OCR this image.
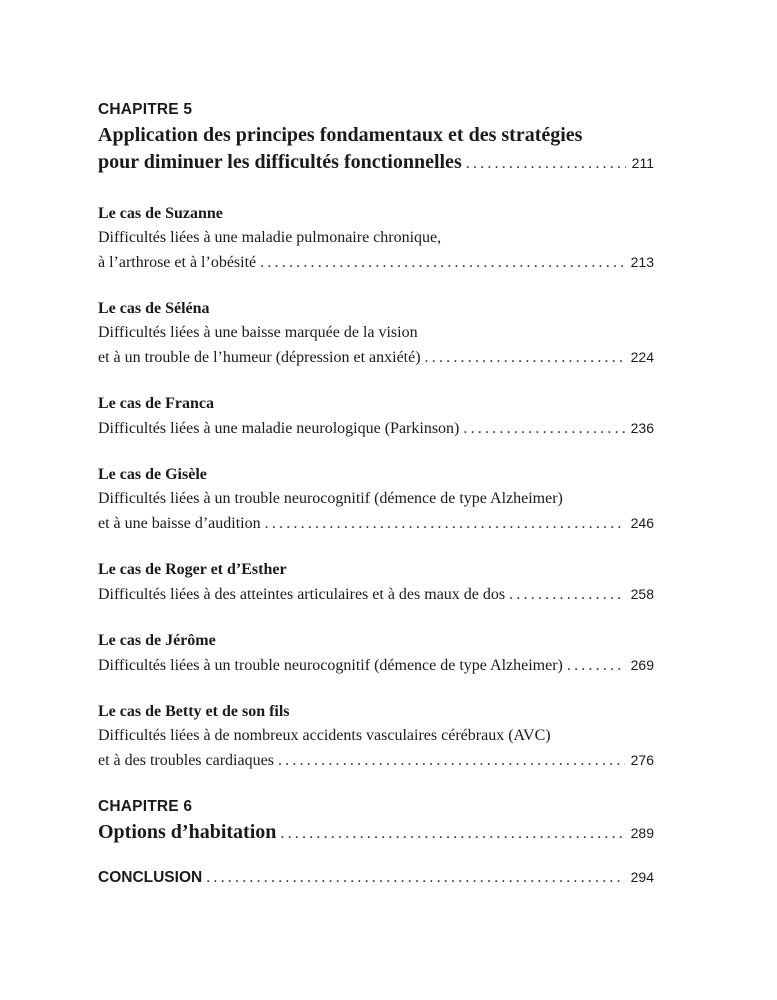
CHAPITRE 5
Application des principes fondamentaux et des stratégies
pour diminuer les difficultés fonctionnelles .....	211
Le cas de Suzanne
Difficultés liées à une maladie pulmonaire chronique,
à l’arthrose et à l’obésité .....	213
Le cas de Séléna
Difficultés liées à une baisse marquée de la vision
et à un trouble de l’humeur (dépression et anxiété) .....	224
Le cas de Franca
Difficultés liées à une maladie neurologique (Parkinson) .....	236
Le cas de Gisèle
Difficultés liées à un trouble neurocognitif (démence de type Alzheimer)
et à une baisse d’audition .....	246
Le cas de Roger et d’Esther
Difficultés liées à des atteintes articulaires et à des maux de dos .....	258
Le cas de Jérôme
Difficultés liées à un trouble neurocognitif (démence de type Alzheimer) .....	269
Le cas de Betty et de son fils
Difficultés liées à de nombreux accidents vasculaires cérébraux (AVC)
et à des troubles cardiaques .....	276
CHAPITRE 6
Options d’habitation .....	289
CONCLUSION .....	294
